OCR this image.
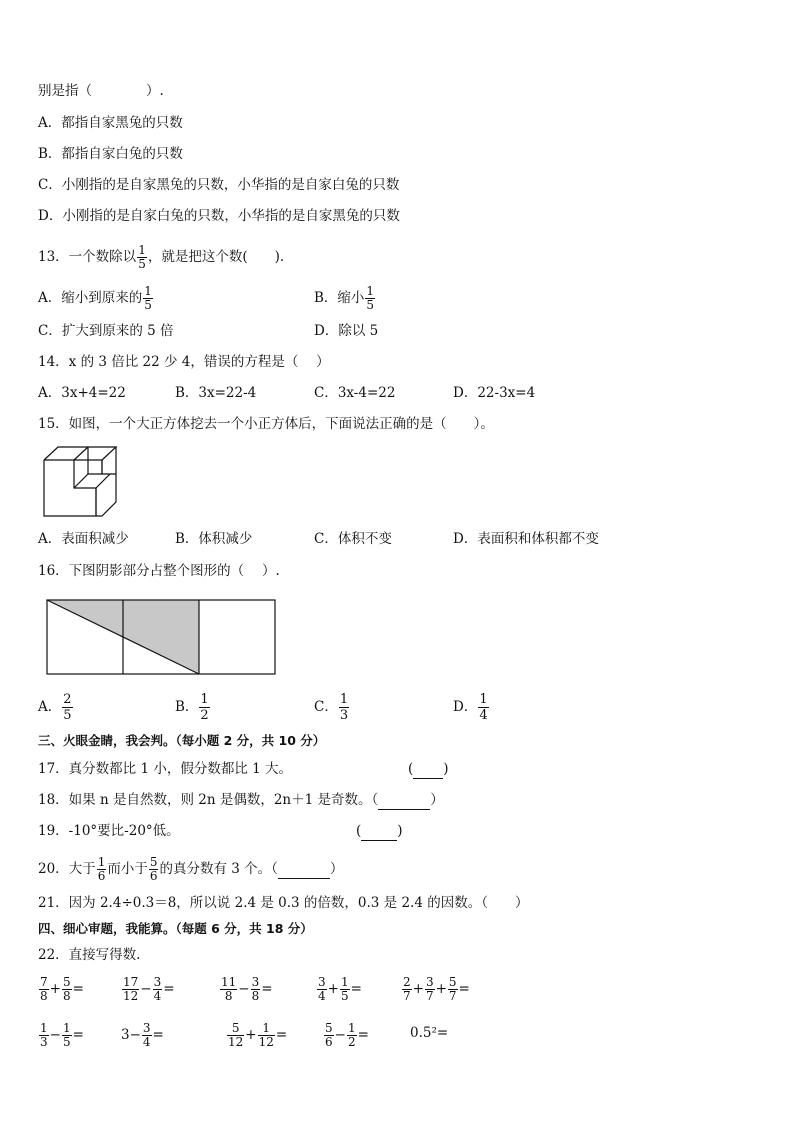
别是指（　　　　）.
A．都指自家黑兔的只数
B．都指自家白兔的只数
C．小刚指的是自家黑兔的只数，小华指的是自家白兔的只数
D．小刚指的是自家白兔的只数，小华指的是自家黑兔的只数
13．一个数除以 $\frac{1}{5}$ ，就是把这个数(　　).
A．缩小到原来的 $\frac{1}{5}$	B．缩小 $\frac{1}{5}$
C．扩大到原来的 5 倍	D．除以 5
14．x 的 3 倍比 22 少 4，错误的方程是（　 ）
A．3x+4=22	B．3x=22-4	C．3x-4=22	D．22-3x=4
15．如图，一个大正方体挖去一个小正方体后，下面说法正确的是（　　）。
A．表面积减少	B．体积减少	C．体积不变	D．表面积和体积都不变
16．下图阴影部分占整个图形的（　 ）.
A． $\frac{2}{5}$	B． $\frac{1}{2}$	C． $\frac{1}{3}$	D． $\frac{1}{4}$
三、火眼金睛，我会判。（每小题 2 分，共 10 分）
17．真分数都比 1 小，假分数都比 1 大。	( )
18．如果 n 是自然数，则 2n 是偶数，2n＋1 是奇数。（	）
19．-10°要比-20°低。	(	)
20．大于 $\frac{1}{6}$ 而小于 $\frac{5}{6}$ 的真分数有 3 个。（	）
21．因为 2.4÷0.3＝8，所以说 2.4 是 0.3 的倍数，0.3 是 2.4 的因数。（　　）
四、细心审题，我能算。（每题 6 分，共 18 分）
22．直接写得数.
$\frac{7}{8} + \frac{5}{8}$ =	$\frac{17}{12} - \frac{3}{4}$ =	$\frac{11}{8} - \frac{3}{8}$ =	$\frac{3}{4} + \frac{1}{5}$ =	$\frac{2}{7} + \frac{3}{7} + \frac{5}{7}$ =
$\frac{1}{3} - \frac{1}{5}$ =	$3- \frac{3}{4}$ =	$\frac{5}{12} + \frac{1}{12}$ =	$\frac{5}{6} - \frac{1}{2}$ =	0.5²=
